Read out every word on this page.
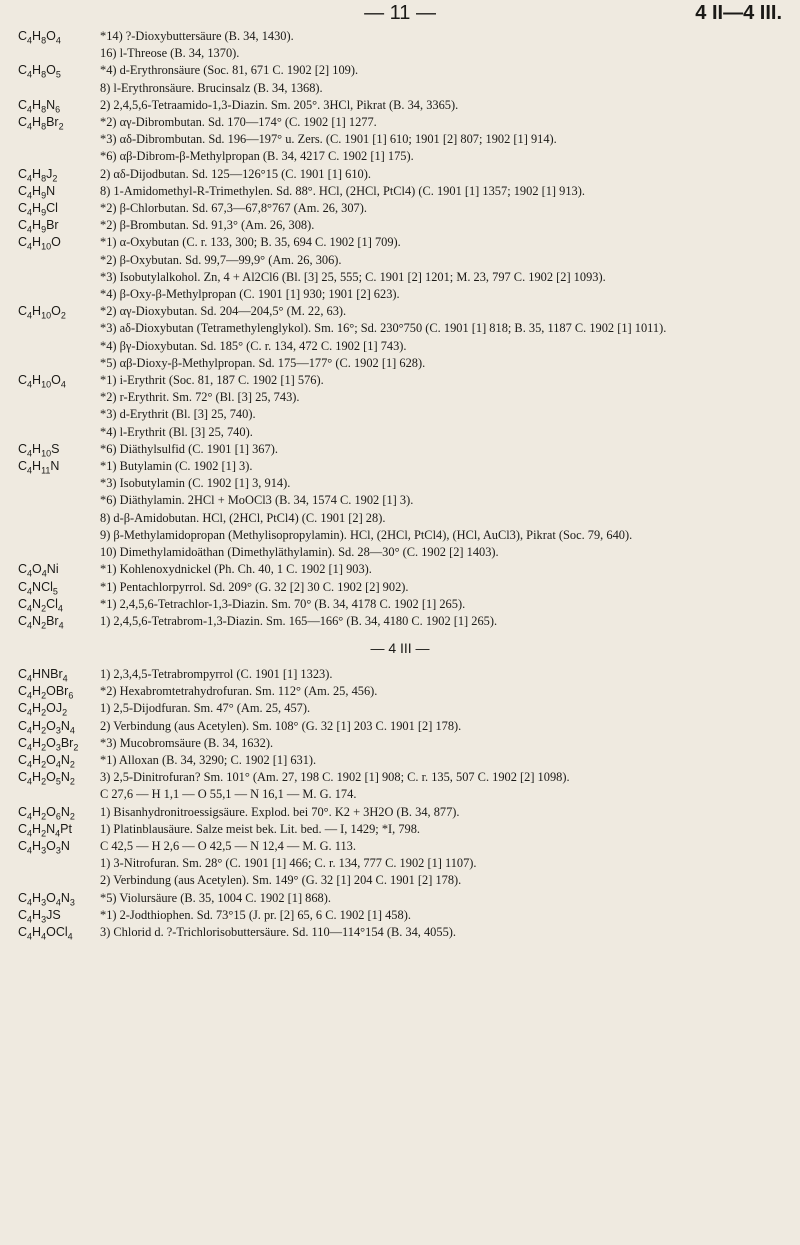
— 11 —	4 II—4 III.
$C_4H_8O_4$	*14) ?-Dioxybuttersäure (B. 34, 1430).
16) l-Threose (B. 34, 1370).
$C_4H_8O_5$	*4) d-Erythronsäure (Soc. 81, 671 C. 1902 [2] 109).
8) l-Erythronsäure. Brucinsalz (B. 34, 1368).
$C_4H_8N_6$	2) 2,4,5,6-Tetraamido-1,3-Diazin. Sm. 205°. 3HCl, Pikrat (B. 34, 3365).
$C_4H_8Br_2$	*2) αγ-Dibrombutan. Sd. 170—174° (C. 1902 [1] 1277.
*3) αδ-Dibrombutan. Sd. 196—197° u. Zers. (C. 1901 [1] 610; 1901 [2] 807; 1902 [1] 914).
*6) αβ-Dibrom-β-Methylpropan (B. 34, 4217 C. 1902 [1] 175).
$C_4H_8J_2$	2) αδ-Dijodbutan. Sd. 125—126°15 (C. 1901 [1] 610).
$C_4H_9N$	8) 1-Amidomethyl-R-Trimethylen. Sd. 88°. HCl, (2HCl, PtCl4) (C. 1901 [1] 1357; 1902 [1] 913).
$C_4H_9Cl$	*2) β-Chlorbutan. Sd. 67,3—67,8°767 (Am. 26, 307).
$C_4H_9Br$	*2) β-Brombutan. Sd. 91,3° (Am. 26, 308).
$C_4H_{10}O$	*1) α-Oxybutan (C. r. 133, 300; B. 35, 694 C. 1902 [1] 709).
*2) β-Oxybutan. Sd. 99,7—99,9° (Am. 26, 306).
*3) Isobutylalkohol. Zn, 4 + Al2Cl6 (Bl. [3] 25, 555; C. 1901 [2] 1201; M. 23, 797 C. 1902 [2] 1093).
*4) β-Oxy-β-Methylpropan (C. 1901 [1] 930; 1901 [2] 623).
$C_4H_{10}O_2$	*2) αγ-Dioxybutan. Sd. 204—204,5° (M. 22, 63).
*3) aδ-Dioxybutan (Tetramethylenglykol). Sm. 16°; Sd. 230°750 (C. 1901 [1] 818; B. 35, 1187 C. 1902 [1] 1011).
*4) βγ-Dioxybutan. Sd. 185° (C. r. 134, 472 C. 1902 [1] 743).
*5) αβ-Dioxy-β-Methylpropan. Sd. 175—177° (C. 1902 [1] 628).
$C_4H_{10}O_4$	*1) i-Erythrit (Soc. 81, 187 C. 1902 [1] 576).
*2) r-Erythrit. Sm. 72° (Bl. [3] 25, 743).
*3) d-Erythrit (Bl. [3] 25, 740).
*4) l-Erythrit (Bl. [3] 25, 740).
$C_4H_{10}S$	*6) Diäthylsulfid (C. 1901 [1] 367).
$C_4H_{11}N$	*1) Butylamin (C. 1902 [1] 3).
*3) Isobutylamin (C. 1902 [1] 3, 914).
*6) Diäthylamin. 2HCl + MoOCl3 (B. 34, 1574 C. 1902 [1] 3).
8) d-β-Amidobutan. HCl, (2HCl, PtCl4) (C. 1901 [2] 28).
9) β-Methylamidopropan (Methylisopropylamin). HCl, (2HCl, PtCl4), (HCl, AuCl3), Pikrat (Soc. 79, 640).
10) Dimethylamidoäthan (Dimethyläthylamin). Sd. 28—30° (C. 1902 [2] 1403).
$C_4O_4Ni$	*1) Kohlenoxydnickel (Ph. Ch. 40, 1 C. 1902 [1] 903).
$C_4NCl_5$	*1) Pentachlorpyrrol. Sd. 209° (G. 32 [2] 30 C. 1902 [2] 902).
$C_4N_2Cl_4$	*1) 2,4,5,6-Tetrachlor-1,3-Diazin. Sm. 70° (B. 34, 4178 C. 1902 [1] 265).
$C_4N_2Br_4$	1) 2,4,5,6-Tetrabrom-1,3-Diazin. Sm. 165—166° (B. 34, 4180 C. 1902 [1] 265).
— 4 III —
$C_4HNBr_4$	1) 2,3,4,5-Tetrabrompyrrol (C. 1901 [1] 1323).
$C_4H_2OBr_6$	*2) Hexabromtetrahydrofuran. Sm. 112° (Am. 25, 456).
$C_4H_2OJ_2$	1) 2,5-Dijodfuran. Sm. 47° (Am. 25, 457).
$C_4H_2O_3N_4$	2) Verbindung (aus Acetylen). Sm. 108° (G. 32 [1] 203 C. 1901 [2] 178).
$C_4H_2O_3Br_2$	*3) Mucobromsäure (B. 34, 1632).
$C_4H_2O_4N_2$	*1) Alloxan (B. 34, 3290; C. 1902 [1] 631).
$C_4H_2O_5N_2$	3) 2,5-Dinitrofuran? Sm. 101° (Am. 27, 198 C. 1902 [1] 908; C. r. 135, 507 C. 1902 [2] 1098).
C 27,6 — H 1,1 — O 55,1 — N 16,1 — M. G. 174.
$C_4H_2O_6N_2$	1) Bisanhydronitroessigsäure. Explod. bei 70°. K2 + 3H2O (B. 34, 877).
$C_4H_2N_4Pt$	1) Platinblausäure. Salze meist bek. Lit. bed. — I, 1429; *I, 798.
$C_4H_3O_3N$	C 42,5 — H 2,6 — O 42,5 — N 12,4 — M. G. 113.
1) 3-Nitrofuran. Sm. 28° (C. 1901 [1] 466; C. r. 134, 777 C. 1902 [1] 1107).
2) Verbindung (aus Acetylen). Sm. 149° (G. 32 [1] 204 C. 1901 [2] 178).
$C_4H_3O_4N_3$	*5) Violursäure (B. 35, 1004 C. 1902 [1] 868).
$C_4H_3JS$	*1) 2-Jodthiophen. Sd. 73°15 (J. pr. [2] 65, 6 C. 1902 [1] 458).
$C_4H_4OCl_4$	3) Chlorid d. ?-Trichlorisobuttersäure. Sd. 110—114°154 (B. 34, 4055).
